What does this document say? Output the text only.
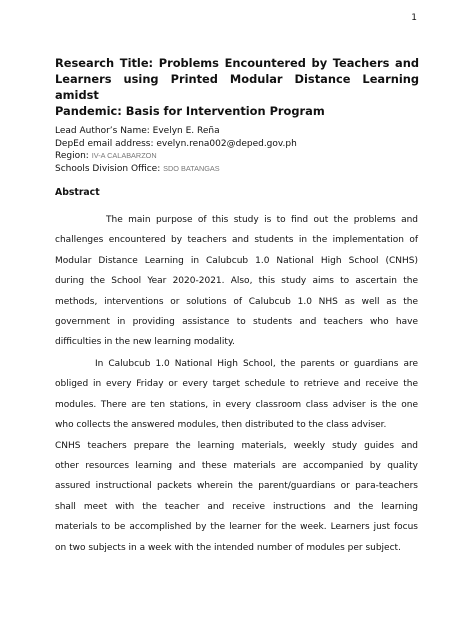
1
Research Title: Problems Encountered by Teachers and
Learners using Printed Modular Distance Learning amidst
Pandemic: Basis for Intervention Program
Lead Author’s Name: Evelyn E. Reña
DepEd email address: evelyn.rena002@deped.gov.ph
Region: IV-A CALABARZON
Schools Division Office: SDO BATANGAS
Abstract
The main purpose of this study is to find out the problems and
challenges encountered by teachers and students in the implementation of
Modular Distance Learning in Calubcub 1.0 National High School (CNHS)
during the School Year 2020-2021. Also, this study aims to ascertain the
methods, interventions or solutions of Calubcub 1.0 NHS as well as the
government in providing assistance to students and teachers who have
difficulties in the new learning modality.
In Calubcub 1.0 National High School, the parents or guardians are
obliged in every Friday or every target schedule to retrieve and receive the
modules. There are ten stations, in every classroom class adviser is the one
who collects the answered modules, then distributed to the class adviser.
CNHS teachers prepare the learning materials, weekly study guides and
other resources learning and these materials are accompanied by quality
assured instructional packets wherein the parent/guardians or para-teachers
shall meet with the teacher and receive instructions and the learning
materials to be accomplished by the learner for the week. Learners just focus
on two subjects in a week with the intended number of modules per subject.
